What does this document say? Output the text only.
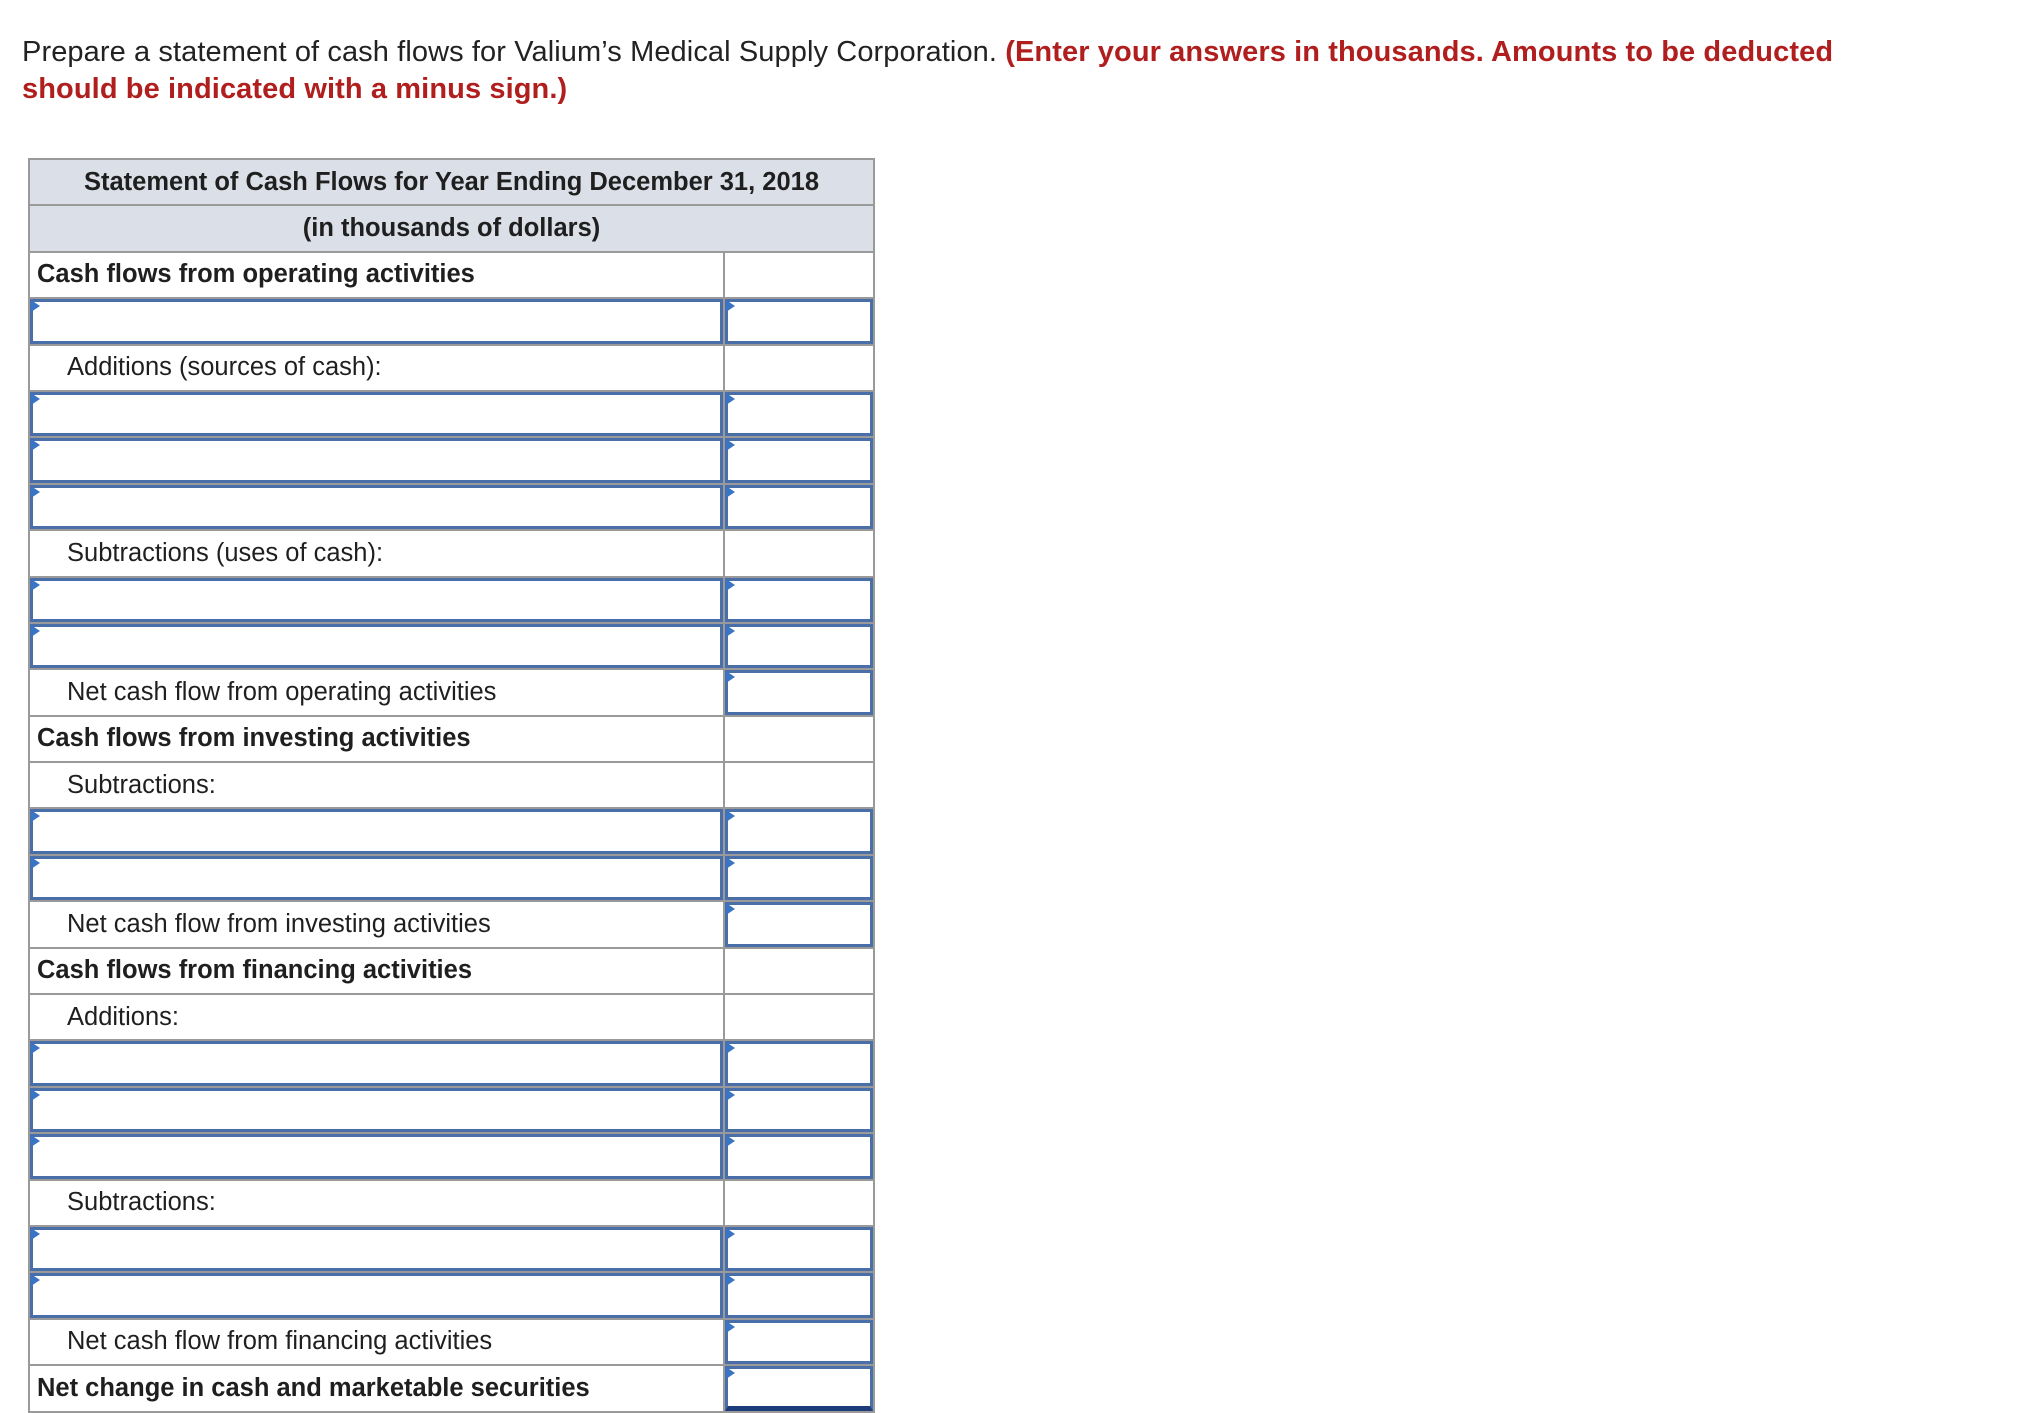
Prepare a statement of cash flows for Valium’s Medical Supply Corporation. (Enter your answers in thousands. Amounts to be deducted should be indicated with a minus sign.)
Statement of Cash Flows for Year Ending December 31, 2018	
(in thousands of dollars)	
Cash flows from operating activities	

Additions (sources of cash):	

Subtractions (uses of cash):	

Net cash flow from operating activities	

Cash flows from investing activities	
Subtractions:	

Net cash flow from investing activities	

Cash flows from financing activities	
Additions:	

Subtractions:	

Net cash flow from financing activities	

Net change in cash and marketable securities	
